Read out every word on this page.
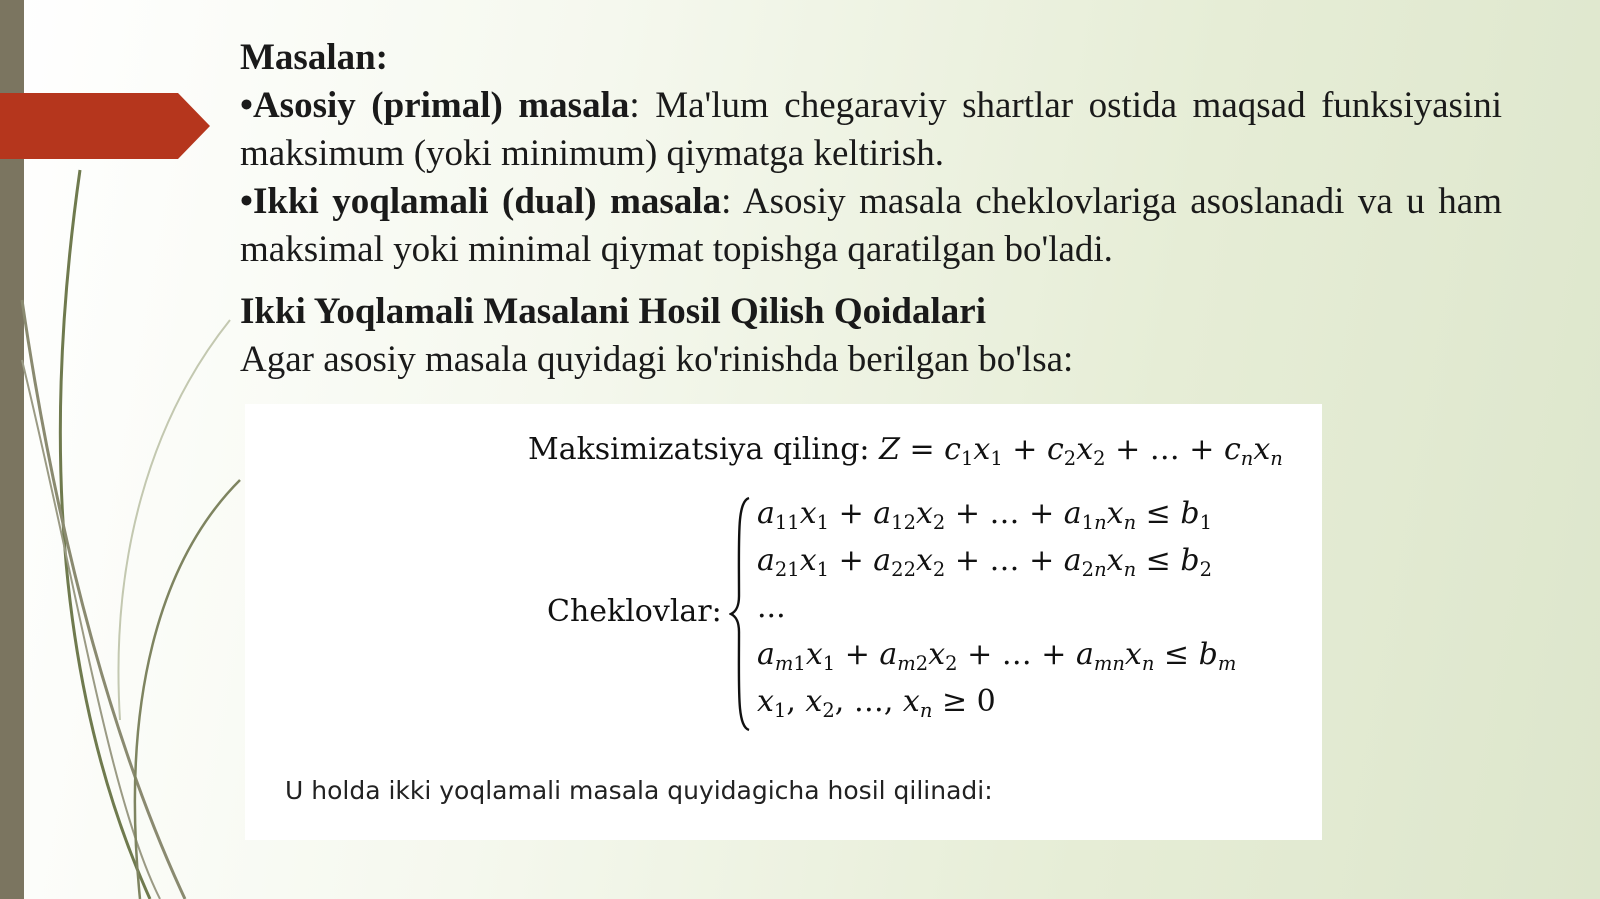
Masalan:

•Asosiy (primal) masala: Ma'lum chegaraviy shartlar ostida maqsad funksiyasini maksimum (yoki minimum) qiymatga keltirish.

•Ikki yoqlamali (dual) masala: Asosiy masala cheklovlariga asoslanadi va u ham maksimal yoki minimal qiymat topishga qaratilgan bo'ladi.

Ikki Yoqlamali Masalani Hosil Qilish Qoidalari

Agar asosiy masala quyidagi ko'rinishda berilgan bo'lsa:

Maksimizatsiya qiling: $Z = c_1x_1 + c_2x_2$ + … + $c_nx_n$
Cheklovlar:
$a_{11}x_1 + a_{12}x_2$ + … + $a_{1n}x_n \le b_1$
$a_{21}x_1 + a_{22}x_2$ + … + $a_{2n}x_n \le b_2$
...
$a_{m1}x_1 + a_{m2}x_2$ + … + $a_{mn}x_n \le b_m$
$x_1$, $x_2$, …, $x_n \ge 0$
U holda ikki yoqlamali masala quyidagicha hosil qilinadi:
